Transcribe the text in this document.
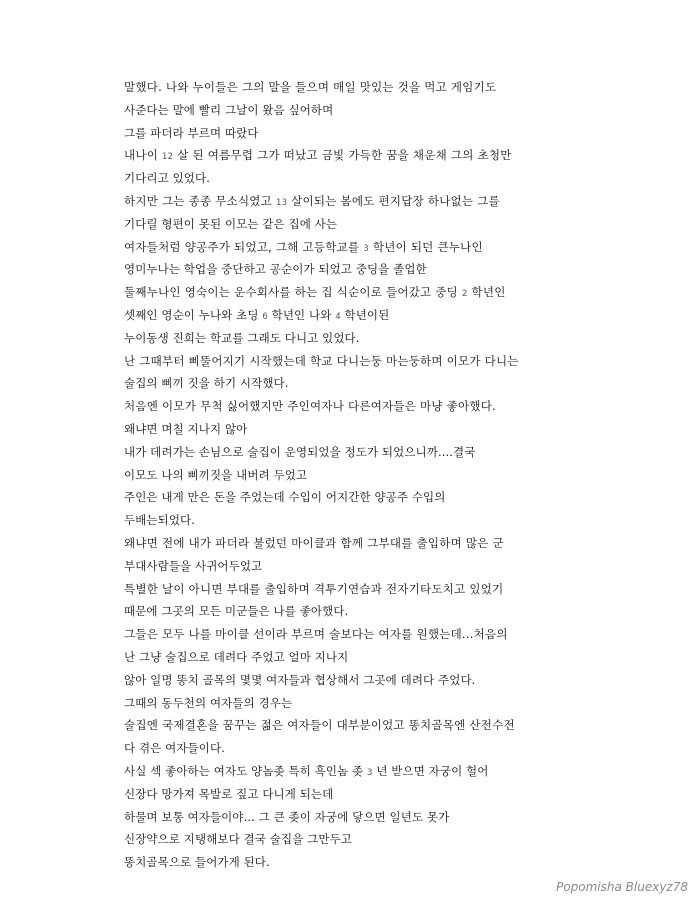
말했다. 나와 누이들은 그의 말을 들으며 매일 맛있는 것을 먹고 게임기도
사준다는 말에 빨리 그날이 왔음 싶어하며
그를 파더라 부르며 따랐다
내나이 12 살 된 여름무렵 그가 떠났고 금빛 가득한 꿈을 채운채 그의 초청만
기다리고 있었다.
하지만 그는 종종 무소식였고 13 살이되는 봄에도 편지답장 하나없는 그를
기다릴 형편이 못된 이모는 같은 집에 사는
여자들처럼 양공주가 되었고, 그해 고등학교를 3 학년이 되던 큰누나인
영미누나는 학업을 중단하고 공순이가 되었고 중딩을 졸업한
둘째누나인 영숙이는 운수회사를 하는 집 식순이로 들어갔고 중딩 2 학년인
셋째인 영순이 누나와 초딩 6 학년인 나와 4 학년이된
누이동생 진희는 학교를 그래도 다니고 있었다.
난 그때부터 삐뚤어지기 시작했는데 학교 다니는둥 마는둥하며 이모가 다니는
술집의 삐끼 짓을 하기 시작했다.
처음엔 이모가 무척 싫어했지만 주인여자나 다른여자들은 마냥 좋아했다.
왜냐면 며칠 지나지 않아
내가 데려가는 손님으로 술집이 운영되었을 정도가 되었으니까....결국
이모도 나의 삐끼짓을 내버려 두었고
주인은 내게 만은 돈을 주었는데 수입이 어지간한 양공주 수입의
두배는되었다.
왜냐면 전에 내가 파더라 불렀던 마이클과 함께 그부대를 출입하며 많은 군
부대사람들을 사귀어두었고
특별한 날이 아니면 부대를 출입하며 격투기연습과 전자기타도치고 있었기
때문에 그곳의 모든 미군들은 나를 좋아했다.
그들은 모두 나를 마이클 선이라 부르며 술보다는 여자를 원했는데...처음의
난 그냥 술집으로 데려다 주었고 얼마 지나지
않아 일명 똥치 골목의 몇몇 여자들과 협상해서 그곳에 데려다 주었다.
그때의 동두천의 여자들의 경우는
술집엔 국제결혼을 꿈꾸는 젊은 여자들이 대부분이었고 똥치골목엔 산전수전
다 겪은 여자들이다.
사실 섹 좋아하는 여자도 양놈좆 특히 흑인놈 좆 3 년 받으면 자궁이 헐어
신장다 망가져 목발로 짚고 다니게 되는데
하물며 보통 여자들이야... 그 큰 좆이 자궁에 닿으면 일년도 못가
신장약으로 지탱해보다 결국 술집을 그만두고
똥치골목으로 들어가게 된다.
Popomisha Bluexyz78
